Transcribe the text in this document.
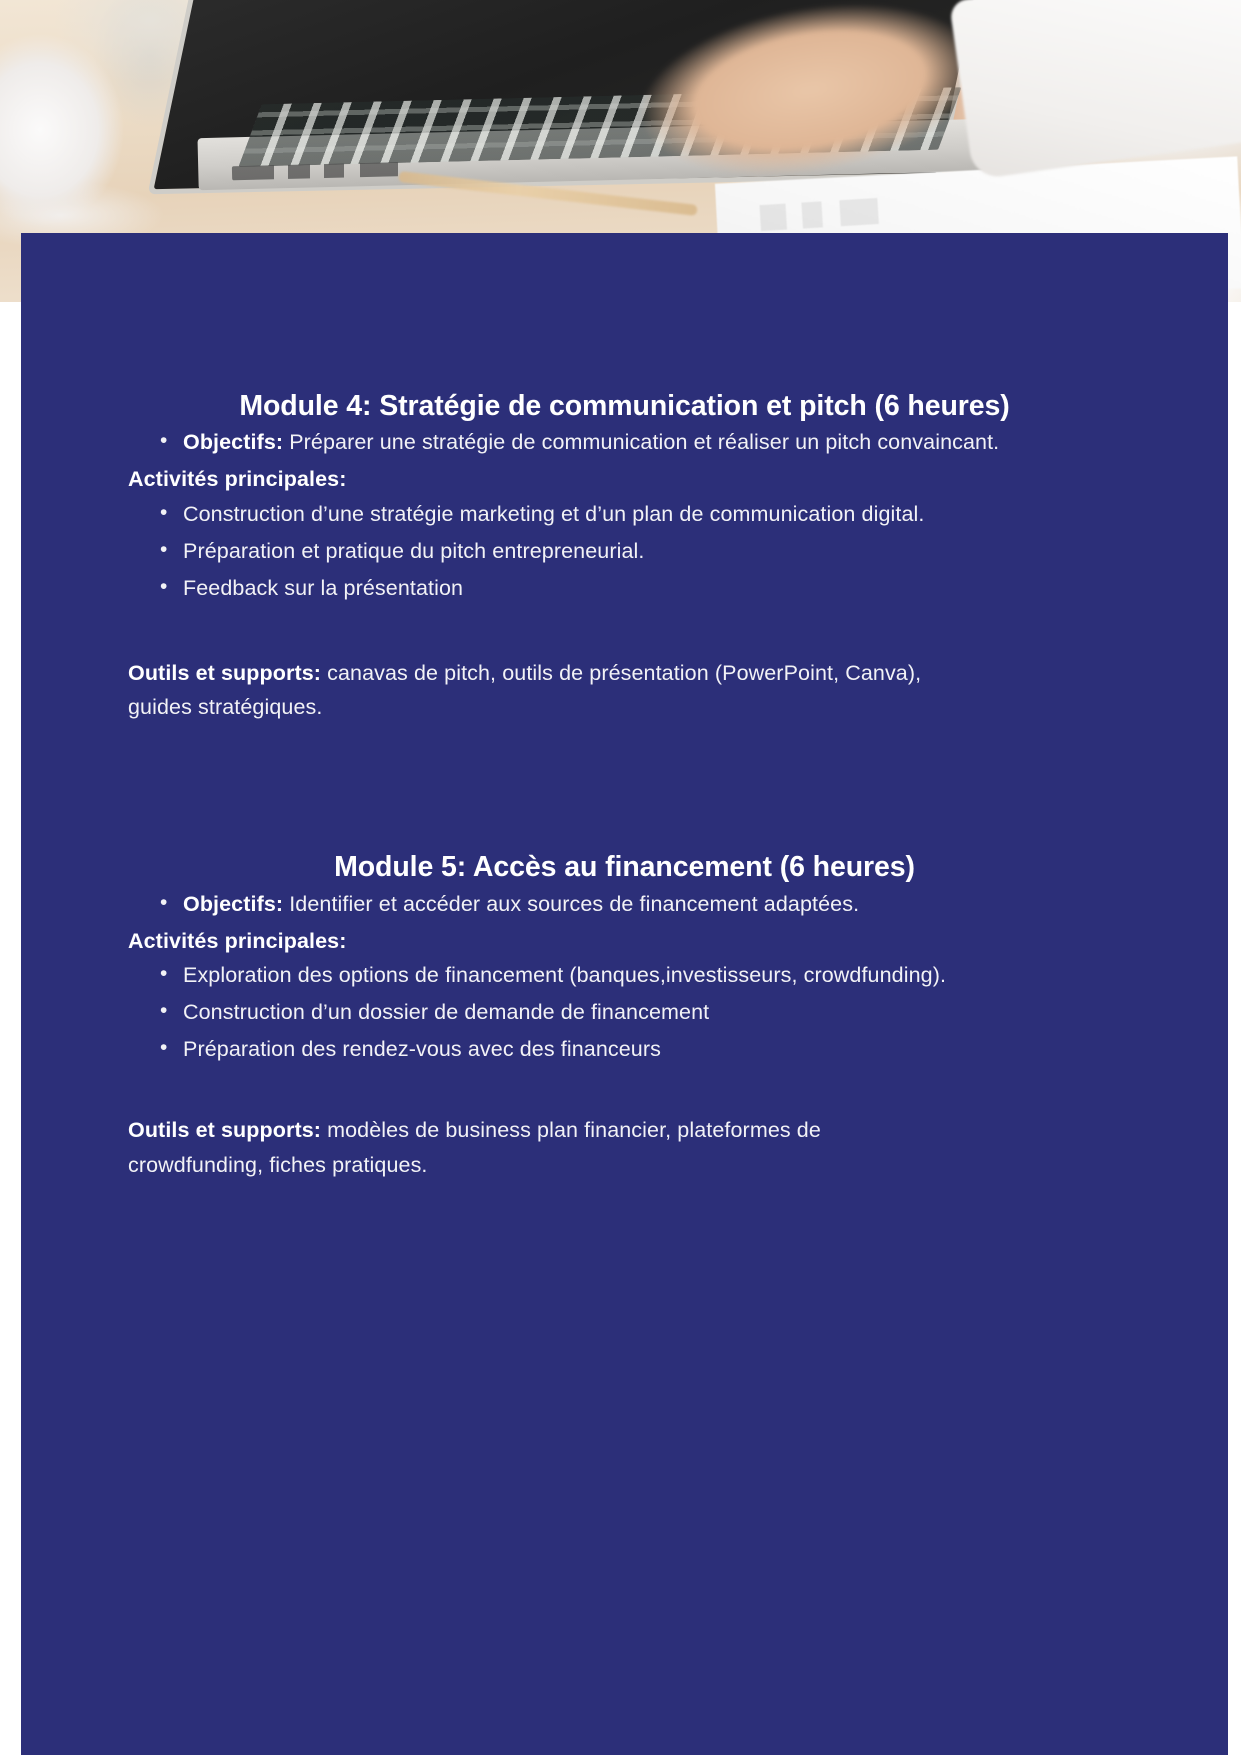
Module 4: Stratégie de communication et pitch (6 heures)
• Objectifs: Préparer une stratégie de communication et réaliser un pitch convaincant.

Activités principales:

• Construction d’une stratégie marketing et d’un plan de communication digital.
• Préparation et pratique du pitch entrepreneurial.
• Feedback sur la présentation

Outils et supports: canavas de pitch, outils de présentation (PowerPoint, Canva), guides stratégiques.

Module 5: Accès au financement (6 heures)
• Objectifs: Identifier et accéder aux sources de financement adaptées.

Activités principales:

• Exploration des options de financement (banques,investisseurs, crowdfunding).
• Construction d’un dossier de demande de financement
• Préparation des rendez-vous avec des financeurs

Outils et supports: modèles de business plan financier, plateformes de crowdfunding, fiches pratiques.
